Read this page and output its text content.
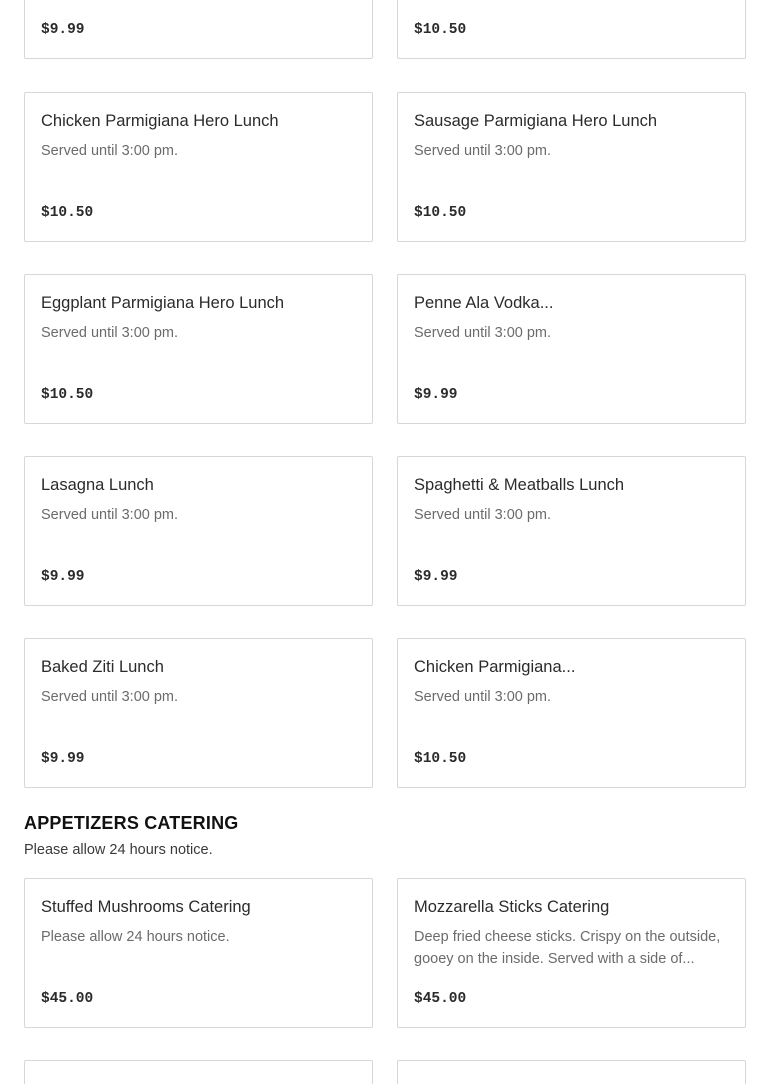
$9.99	$10.50
Chicken Parmigiana Hero Lunch
Served until 3:00 pm.
$10.50
Sausage Parmigiana Hero Lunch
Served until 3:00 pm.
$10.50
Eggplant Parmigiana Hero Lunch
Served until 3:00 pm.
$10.50
Penne Ala Vodka...
Served until 3:00 pm.
$9.99
Lasagna Lunch
Served until 3:00 pm.
$9.99
Spaghetti & Meatballs Lunch
Served until 3:00 pm.
$9.99
Baked Ziti Lunch
Served until 3:00 pm.
$9.99
Chicken Parmigiana...
Served until 3:00 pm.
$10.50
APPETIZERS CATERING
Please allow 24 hours notice.
Stuffed Mushrooms Catering
Please allow 24 hours notice.
$45.00
Mozzarella Sticks Catering
Deep fried cheese sticks. Crispy on the outside, gooey on the inside. Served with a side of...
$45.00
